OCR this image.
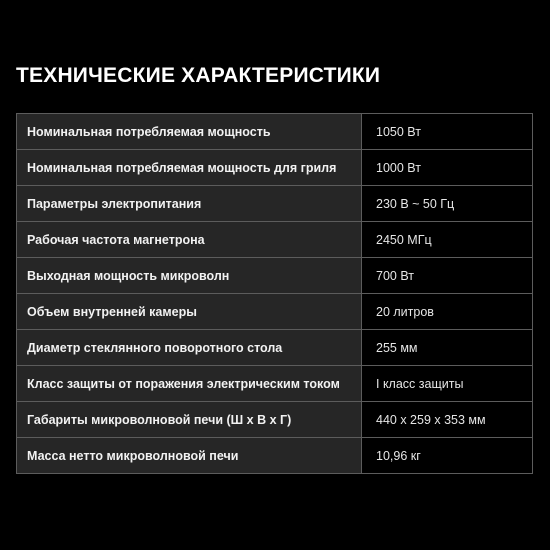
ТЕХНИЧЕСКИЕ ХАРАКТЕРИСТИКИ
Номинальная потребляемая мощность	1050 Вт
Номинальная потребляемая мощность для гриля	1000 Вт
Параметры электропитания	230 В ~ 50 Гц
Рабочая частота магнетрона	2450 МГц
Выходная мощность микроволн	700 Вт
Объем внутренней камеры	20 литров
Диаметр стеклянного поворотного стола	255 мм
Класс защиты от поражения электрическим током	I класс защиты
Габариты микроволновой печи (Ш х В х Г)	440 x 259 x 353 мм
Масса нетто микроволновой печи	10,96 кг
